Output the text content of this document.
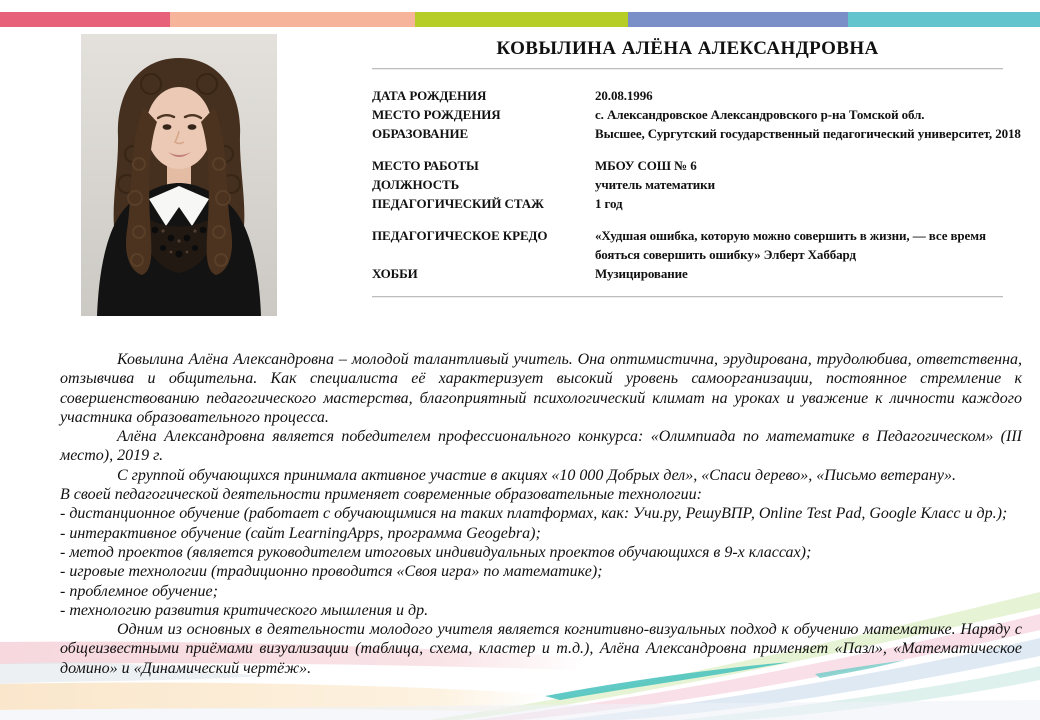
КОВЫЛИНА АЛЁНА АЛЕКСАНДРОВНА
ДАТА РОЖДЕНИЯ	20.08.1996
МЕСТО РОЖДЕНИЯ	с. Александровское Александровского р-на Томской обл.
ОБРАЗОВАНИЕ	Высшее, Сургутский государственный педагогический университет, 2018
МЕСТО РАБОТЫ	МБОУ СОШ № 6
ДОЛЖНОСТЬ	учитель математики
ПЕДАГОГИЧЕСКИЙ СТАЖ	1 год
ПЕДАГОГИЧЕСКОЕ КРЕДО	«Худшая ошибка, которую можно совершить в жизни, — все время бояться совершить ошибку» Элберт Хаббард
ХОББИ	Музицирование

Ковылина Алёна Александровна – молодой талантливый учитель. Она оптимистична, эрудирована, трудолюбива, ответственна, отзывчива и общительна. Как специалиста её характеризует высокий уровень самоорганизации, постоянное стремление к совершенствованию педагогического мастерства, благоприятный психологический климат на уроках и уважение к личности каждого участника образовательного процесса.

Алёна Александровна является победителем профессионального конкурса: «Олимпиада по математике в Педагогическом» (III место), 2019 г.

С группой обучающихся принимала активное участие в акциях «10 000 Добрых дел», «Спаси дерево», «Письмо ветерану».

В своей педагогической деятельности применяет современные образовательные технологии:

- дистанционное обучение (работает с обучающимися на таких платформах, как: Учи.ру, РешуВПР, Online Test Pad, Google Класс и др.);

- интерактивное обучение (сайт LearningApps, программа Geogebra);

- метод проектов (является руководителем итоговых индивидуальных проектов обучающихся в 9-х классах);

- игровые технологии (традиционно проводится «Своя игра» по математике);

- проблемное обучение;

- технологию развития критического мышления и др.

Одним из основных в деятельности молодого учителя является когнитивно-визуальных подход к обучению математике. Наряду с общеизвестными приёмами визуализации (таблица, схема, кластер и т.д.), Алёна Александровна применяет «Пазл», «Математическое домино» и «Динамический чертёж».
